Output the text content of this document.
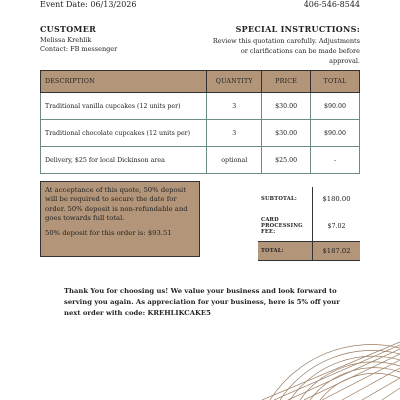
Event Date: 06/13/2026	406-546-8544
CUSTOMER
Melissa Krehlik
Contact: FB messenger
SPECIAL INSTRUCTIONS:
Review this quotation carefully. Adjustments or clarifications can be made before approval.
DESCRIPTION	QUANTITY	PRICE	TOTAL
Traditional vanilla cupcakes (12 units per)	3	$30.00	$90.00
Traditional chocolate cupcakes (12 units per)	3	$30.00	$90.00
Delivery, $25 for local Dickinson area	optional	$25.00	-
At acceptance of this quote, 50% deposit will be required to secure the date for order. 50% deposit is non-refundable and goes towards full total.
50% deposit for this order is: $93.51
SUBTOTAL:	$180.00
CARD PROCESSING FEE:	$7.02
TOTAL:	$187.02
Thank You for choosing us! We value your business and look forward to serving you again. As appreciation for your business, here is 5% off your next order with code: KREHLIKCAKE5
